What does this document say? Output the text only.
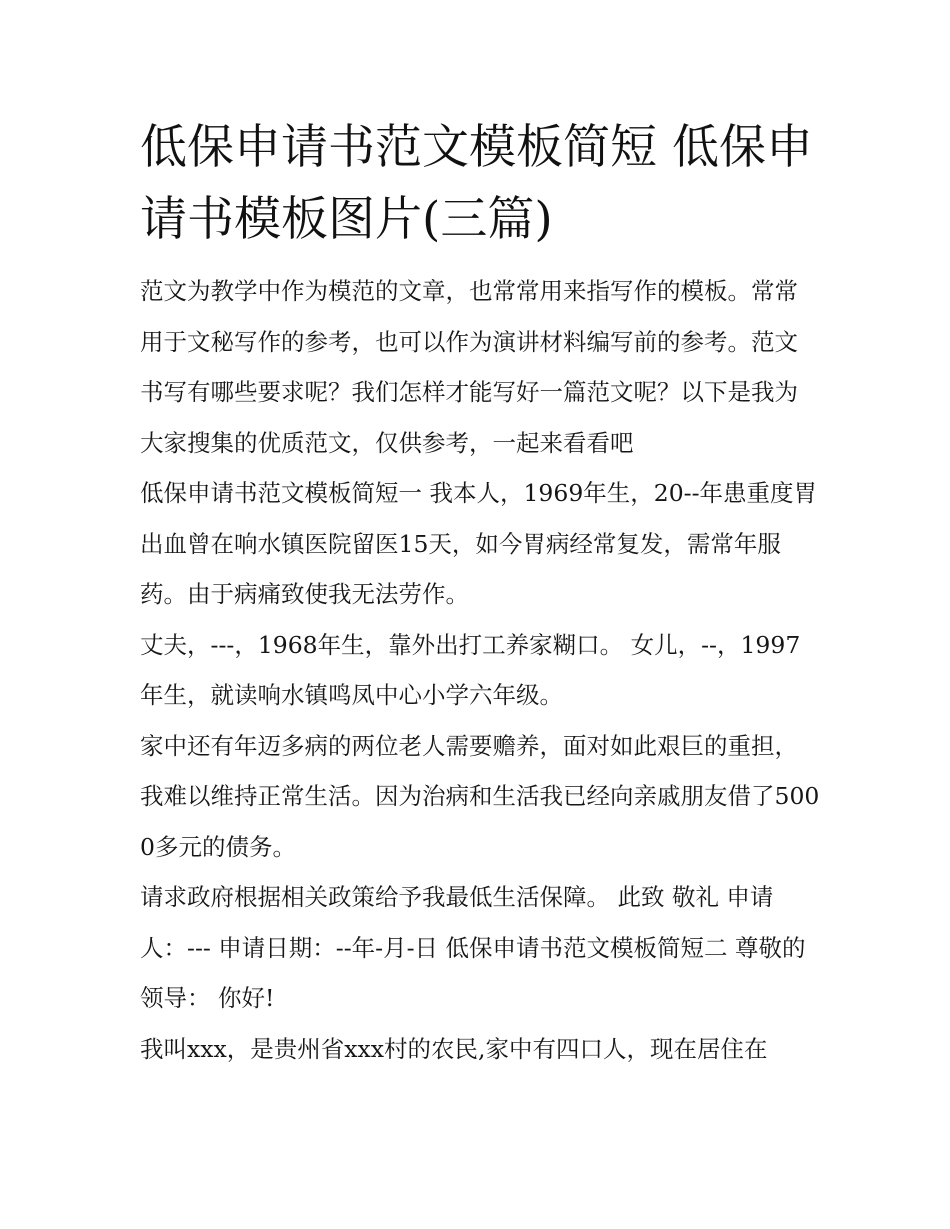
低保申请书范文模板简短 低保申请书模板图片(三篇)

范文为教学中作为模范的文章，也常常用来指写作的模板。常常用于文秘写作的参考，也可以作为演讲材料编写前的参考。范文书写有哪些要求呢？我们怎样才能写好一篇范文呢？以下是我为大家搜集的优质范文，仅供参考，一起来看看吧

低保申请书范文模板简短一 我本人，1969年生，20--年患重度胃出血曾在响水镇医院留医15天，如今胃病经常复发，需常年服药。由于病痛致使我无法劳作。

丈夫，---，1968年生，靠外出打工养家糊口。 女儿，--，1997年生，就读响水镇鸣凤中心小学六年级。

家中还有年迈多病的两位老人需要赡养，面对如此艰巨的重担，我难以维持正常生活。因为治病和生活我已经向亲戚朋友借了5000多元的债务。

请求政府根据相关政策给予我最低生活保障。 此致 敬礼 申请人：--- 申请日期：--年-月-日 低保申请书范文模板简短二 尊敬的领导： 你好!

我叫xxx，是贵州省xxx村的农民,家中有四口人，现在居住在
